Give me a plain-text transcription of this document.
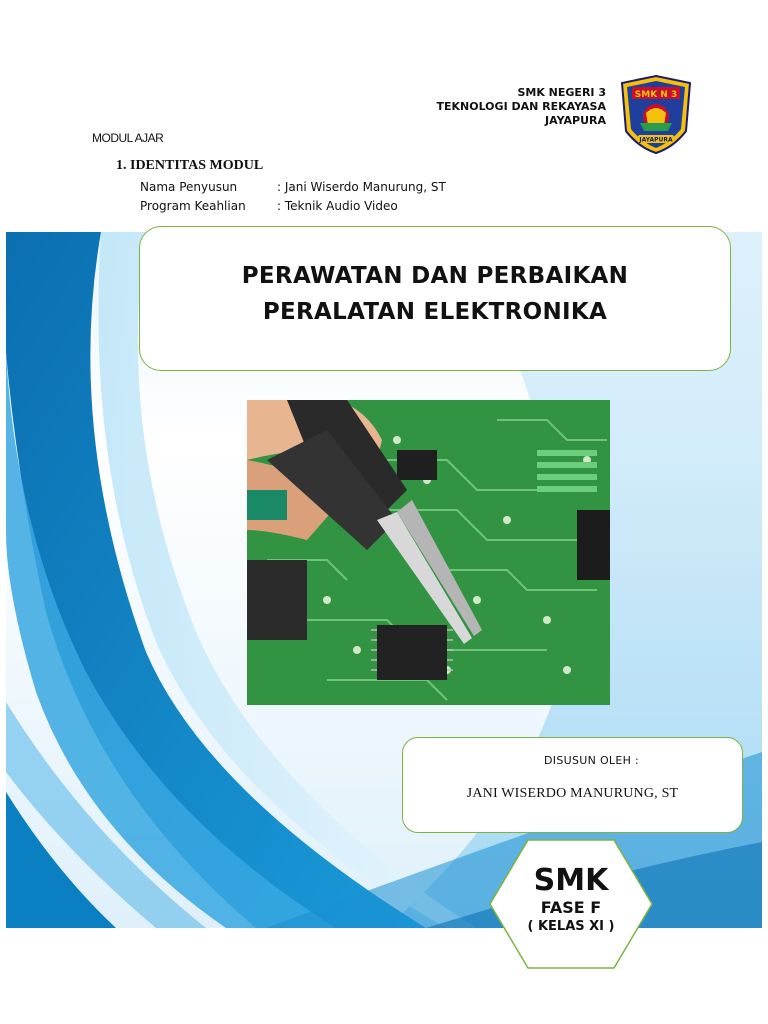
SMK NEGERI 3
TEKNOLOGI DAN REKAYASA
JAYAPURA
SMK N 3
JAYAPURA
MODUL AJAR
1. IDENTITAS MODUL
Nama Penyusun	: Jani Wiserdo Manurung, ST
Program Keahlian	: Teknik Audio Video
PERAWATAN DAN PERBAIKAN
PERALATAN ELEKTRONIKA
DISUSUN OLEH :
JANI WISERDO MANURUNG, ST
SMK
FASE F
( KELAS XI )
